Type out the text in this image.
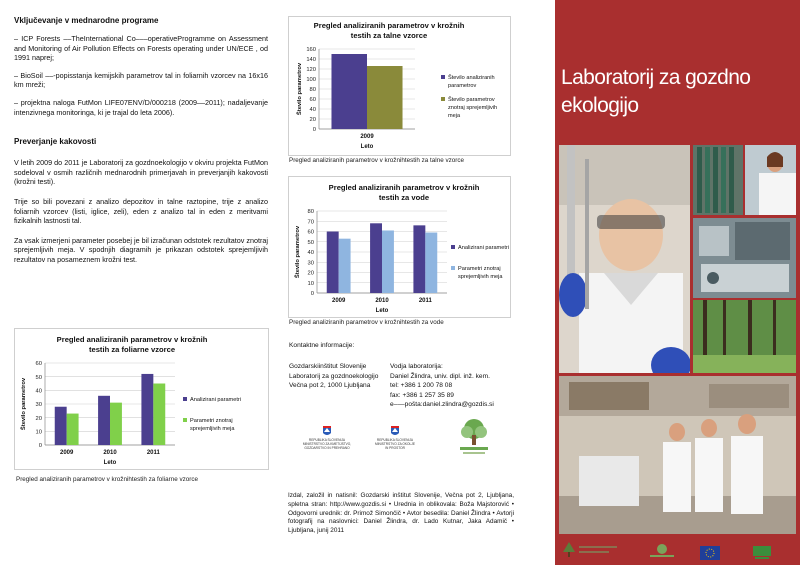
Vključevanje v mednarodne programe

– ICP Forests ––TheInternational Co–––operativeProgramme on Assessment and Monitoring of Air Pollution Effects on Forests operating under UN/ECE , od 1991 naprej;

– BioSoil ––-popisstanja kemijskih parametrov tal in foliarnih vzorcev na 16x16 km mreži;

– projektna naloga FutMon LIFE07ENV/D/000218 (2009––2011); nadaljevanje intenzivnega monitoringa, ki je trajal do leta 2006).

Preverjanje kakovosti

V letih 2009 do 2011 je Laboratorij za gozdnoekologijo v okviru projekta FutMon sodeloval v osmih različnih mednarodnih primerjavah in preverjanjih kakovosti (krožni testi).

Trije so bili povezani z analizo depozitov in talne raztopine, trije z analizo foliarnih vzorcev (listi, iglice, zeli), eden z analizo tal in eden z meritvami fizikalnih lastnosti tal.

Za vsak izmerjeni parameter posebej je bil izračunan odstotek rezultatov znotraj sprejemljivih meja. V spodnjih diagramih je prikazan odstotek sprejemljivih rezultatov na posameznem krožni test.

Pregled analiziranih parametrov v krožnih
testih za foliarne vzorce
0
10
20
30
40
50
60
2009	2010	2011
Leto
Število parametrov	Analizirani parametri
Parametri znotraj
sprejemljivih meja
Pregled analiziranih parametrov v krožnihtestih za foliarne vzorce
Pregled analiziranih parametrov v krožnih
testih za talne vzorce
0
20
40
60
80
100
120
140
160
2009
Leto
Število parametrov	Število analiziranih
parametrov
Število parametrov
znotraj sprejemljivih
meja
Pregled analiziranih parametrov v krožnihtestih za talne vzorce
Pregled analiziranih parametrov v krožnih
testih za vode
0
10
20
30
40
50
60
70
80
2009	2010	2011
Leto
Število parametrov	Analizirani parametri
Parametri znotraj
sprejemljivih meja
Pregled analiziranih parametrov v krožnihtestih za vode
Kontaktne informacije:
Gozdarskiinštitut Slovenije
Laboratorij za gozdnoekologijo
Večna pot 2, 1000 Ljubljana
Vodja laboratorija:
Daniel Žlindra, univ. dipl. inž. kem.
tel: +386 1 200 78 08
fax: +386 1 257 35 89
e–––pošta:daniel.zlindra@gozdis.si
REPUBLIKA SLOVENIJA
MINISTRSTVO ZA KMETIJSTVO,
GOZDARSTVO IN PREHRANO
REPUBLIKA SLOVENIJA
MINISTRSTVO ZA OKOLJE
IN PROSTOR
Izdal, založil in natisnil: Gozdarski inštitut Slovenije, Večna pot 2, Ljubljana, spletna stran: http://www.gozdis.si • Urednia in oblikovala: Boža Majstorović • Odgovorni urednik: dr. Primož Simončič • Avtor besedila: Daniel Žlindra • Avtorji fotografij na naslovnici: Daniel Žlindra, dr. Lado Kutnar, Jaka Adamič • Ljubljana, junij 2011
Laboratorij za gozdno
ekologijo
